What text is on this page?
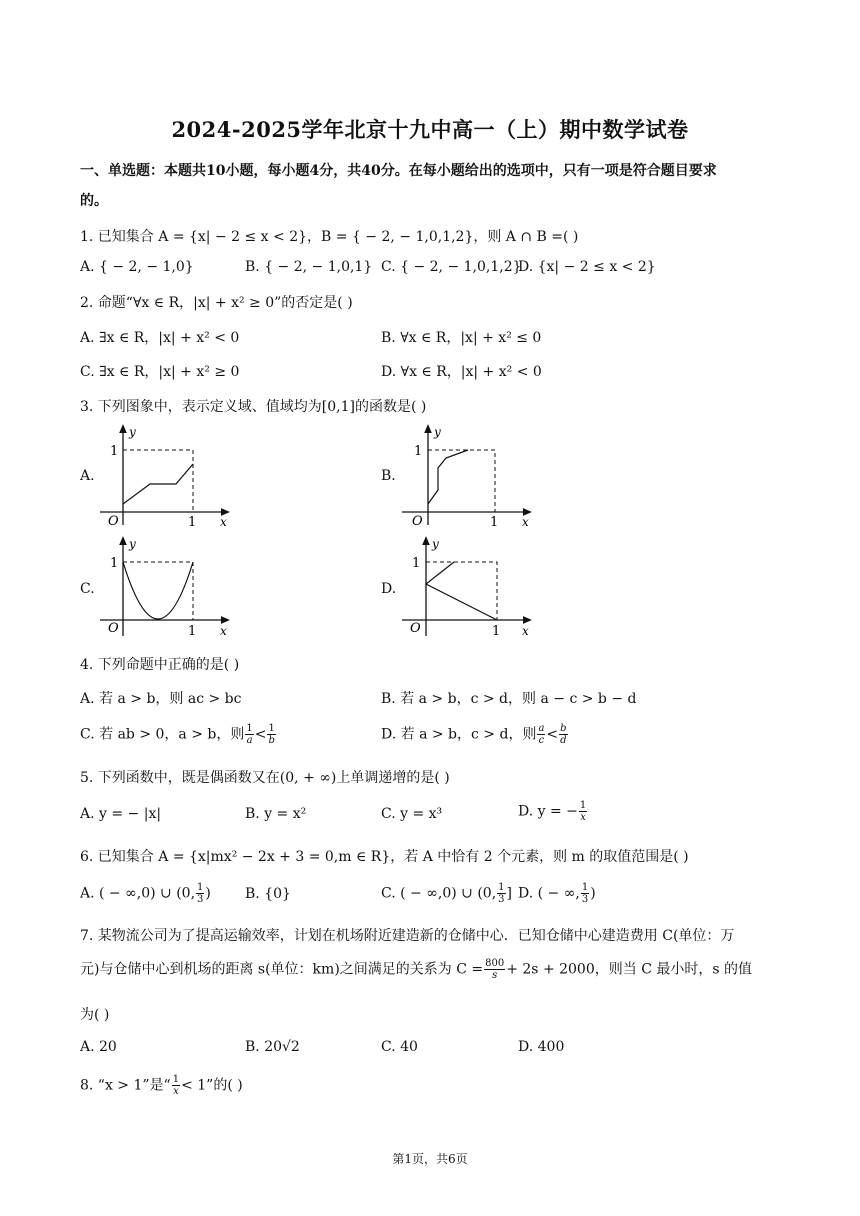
2024-2025学年北京十九中高一（上）期中数学试卷
一、单选题：本题共10小题，每小题4分，共40分。在每小题给出的选项中，只有一项是符合题目要求
的。
1. 已知集合 A = {x| − 2 ≤ x < 2}，B = { − 2, − 1,0,1,2}，则 A ∩ B =( )
A. { − 2, − 1,0}	B. { − 2, − 1,0,1} C. { − 2, − 1,0,1,2}
D. {x| − 2 ≤ x < 2}
2. 命题“∀x ∈ R，|x| + x² ≥ 0”的否定是( )
A. ∃x ∈ R，|x| + x² < 0	B. ∀x ∈ R，|x| + x² ≤ 0
C. ∃x ∈ R，|x| + x² ≥ 0	D. ∀x ∈ R，|x| + x² < 0
3. 下列图象中，表示定义域、值域均为[0,1]的函数是( )
A.	B.
C.	D.
y
x
O
1
1
y
x
O
1
1
y
x
O
1
1
y
x
O
1
1
4. 下列命题中正确的是( )
A. 若 a > b，则 ac > bc	B. 若 a > b，c > d，则 a − c > b − d
C. 若 ab > 0，a > b，则 $\frac{1}{a} < \frac{1}{b}$	D. 若 a > b，c > d，则 $\frac{a}{c} < \frac{b}{d}$
5. 下列函数中，既是偶函数又在(0, + ∞)上单调递增的是( )
A. y = − |x|	B. y = x²	C. y = x³	D. y = − $\frac{1}{x}$
6. 已知集合 A = {x|mx² − 2x + 3 = 0,m ∈ R}，若 A 中恰有 2 个元素，则 m 的取值范围是( )
A. ( − ∞,0) ∪ (0, $\frac{1}{3}$ ) B. {0}	C. ( − ∞,0) ∪ (0, $\frac{1}{3}$ ] D. ( − ∞, $\frac{1}{3}$ )
7. 某物流公司为了提高运输效率，计划在机场附近建造新的仓储中心．已知仓储中心建造费用 C(单位：万
元)与仓储中心到机场的距离 s(单位：km)之间满足的关系为 $C = \frac{800}{s} + 2s + 2000$，则当 C 最小时，s 的值
为( )
A. 20	B. 20√2	C. 40	D. 400
8. “x > 1”是“ $\frac{1}{x} < 1$”的( )
第1页，共6页
